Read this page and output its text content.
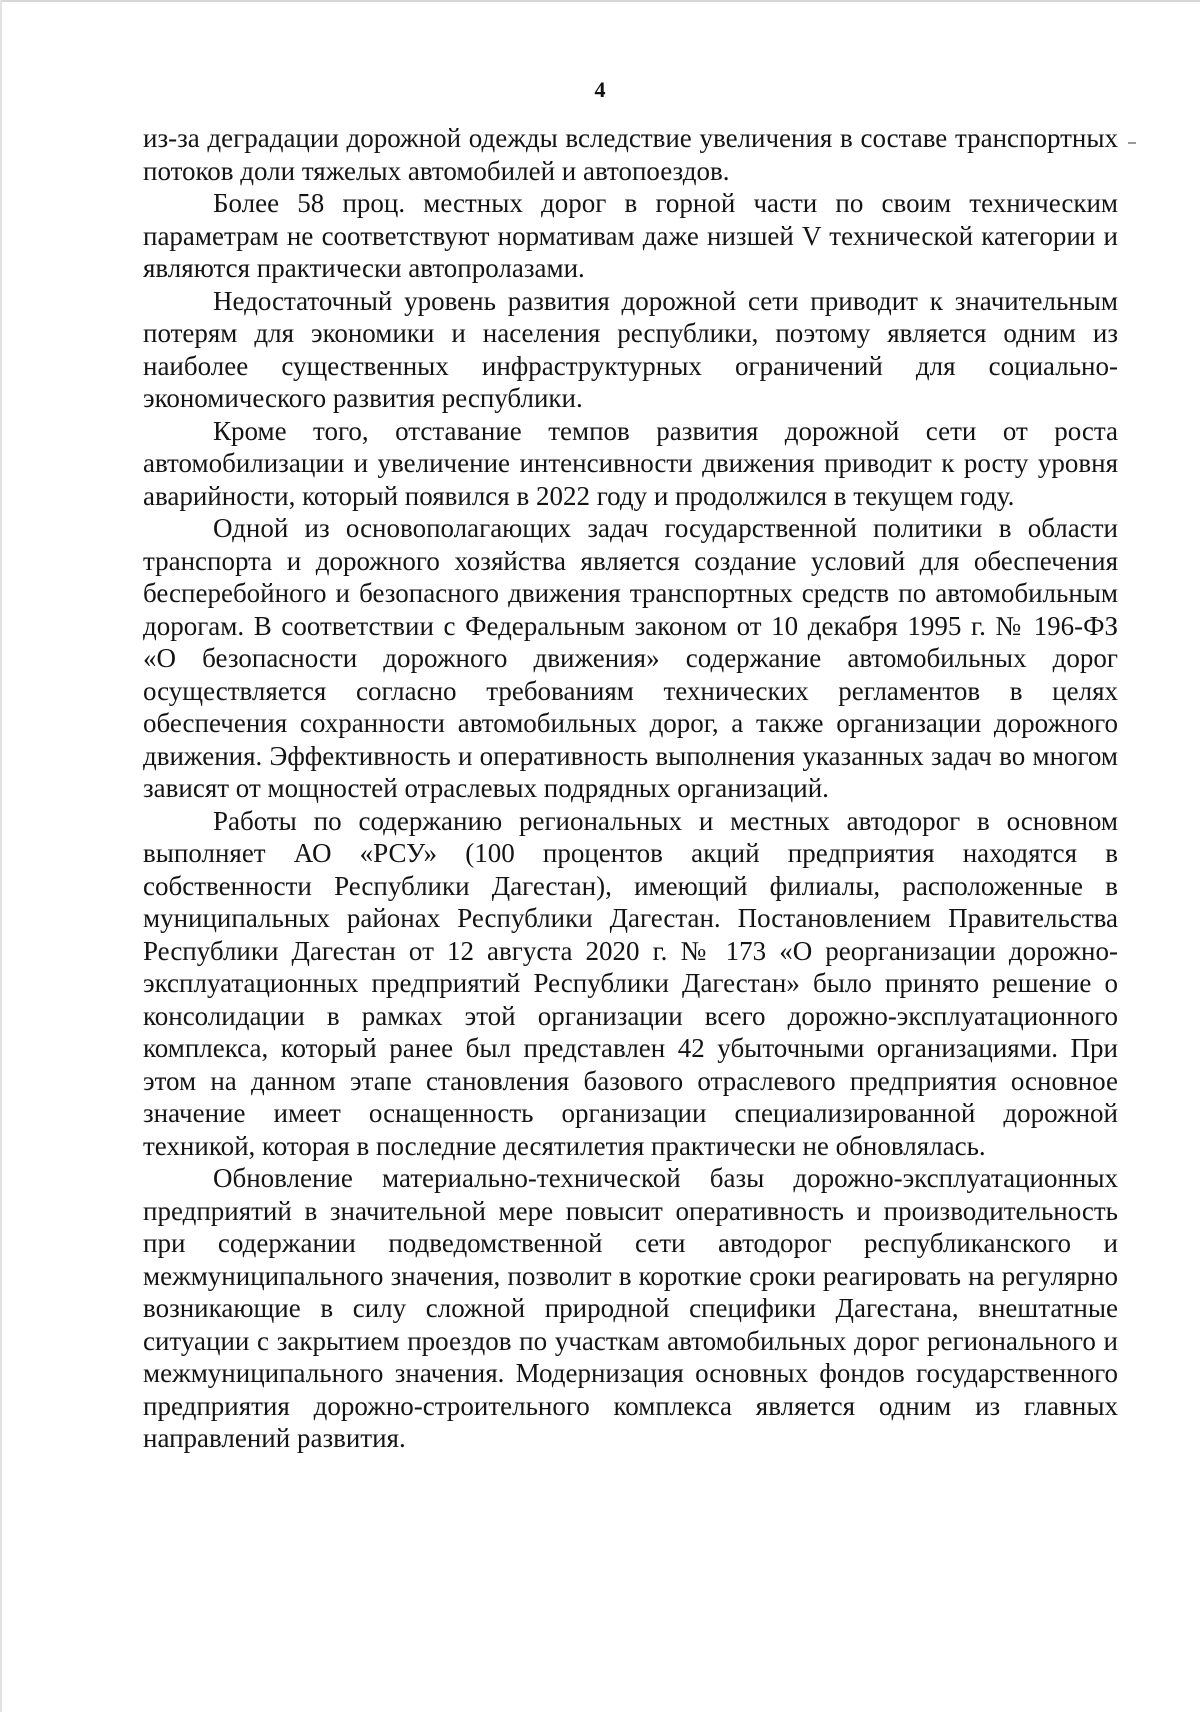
4

из-за деградации дорожной одежды вследствие увеличения в составе транспортных потоков доли тяжелых автомобилей и автопоездов.

Более 58 проц. местных дорог в горной части по своим техническим параметрам не соответствуют нормативам даже низшей V технической категории и являются практически автопролазами.

Недостаточный уровень развития дорожной сети приводит к значительным потерям для экономики и населения республики, поэтому является одним из наиболее существенных инфраструктурных ограничений для социально-экономического развития республики.

Кроме того, отставание темпов развития дорожной сети от роста автомобилизации и увеличение интенсивности движения приводит к росту уровня аварийности, который появился в 2022 году и продолжился в текущем году.

Одной из основополагающих задач государственной политики в области транспорта и дорожного хозяйства является создание условий для обеспечения бесперебойного и безопасного движения транспортных средств по автомобильным дорогам. В соответствии с Федеральным законом от 10 декабря 1995 г. № 196-ФЗ «О безопасности дорожного движения» содержание автомобильных дорог осуществляется согласно требованиям технических регламентов в целях обеспечения сохранности автомобильных дорог, а также организации дорожного движения. Эффективность и оперативность выполнения указанных задач во многом зависят от мощностей отраслевых подрядных организаций.

Работы по содержанию региональных и местных автодорог в основном выполняет АО «РСУ» (100 процентов акций предприятия находятся в собственности Республики Дагестан), имеющий филиалы, расположенные в муниципальных районах Республики Дагестан. Постановлением Правительства Республики Дагестан от 12 августа 2020 г. № 173 «О реорганизации дорожно-эксплуатационных предприятий Республики Дагестан» было принято решение о консолидации в рамках этой организации всего дорожно-эксплуатационного комплекса, который ранее был представлен 42 убыточными организациями. При этом на данном этапе становления базового отраслевого предприятия основное значение имеет оснащенность организации специализированной дорожной техникой, которая в последние десятилетия практически не обновлялась.

Обновление материально-технической базы дорожно-эксплуатационных предприятий в значительной мере повысит оперативность и производительность при содержании подведомственной сети автодорог республиканского и межмуниципального значения, позволит в короткие сроки реагировать на регулярно возникающие в силу сложной природной специфики Дагестана, внештатные ситуации с закрытием проездов по участкам автомобильных дорог регионального и межмуниципального значения. Модернизация основных фондов государственного предприятия дорожно-строительного комплекса является одним из главных направлений развития.
